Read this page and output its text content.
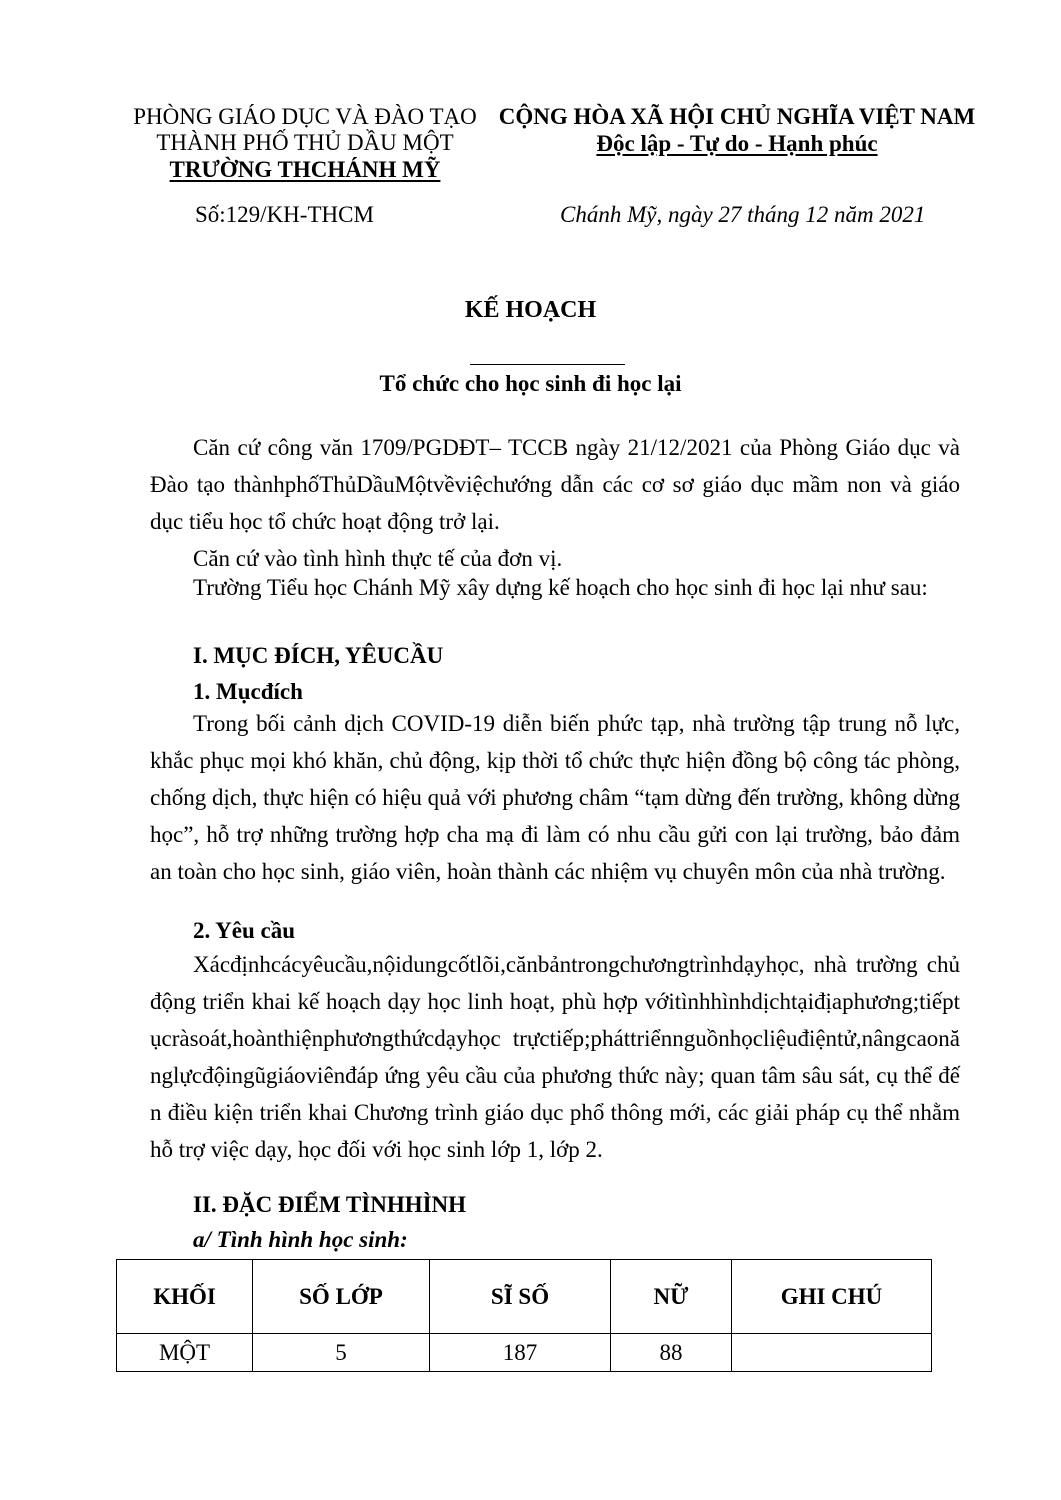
PHÒNG GIÁO DỤC VÀ ĐÀO TẠO
THÀNH PHỐ THỦ DẦU MỘT
TRƯỜNG THCHÁNH MỸ
CỘNG HÒA XÃ HỘI CHỦ NGHĨA VIỆT NAM
Độc lập - Tự do - Hạnh phúc
Số:129/KH-THCM	Chánh Mỹ, ngày 27 tháng 12 năm 2021
KẾ HOẠCH
Tổ chức cho học sinh đi học lại
Căn cứ công văn 1709/PGDĐT– TCCB ngày 21/12/2021 của Phòng Giáo dục và Đào tạo thànhphốThủDầuMộtvềviệchướng dẫn các cơ sơ giáo dục mầm non và giáo dục tiểu học tổ chức hoạt động trở lại.
Căn cứ vào tình hình thực tế của đơn vị.
Trường Tiểu học Chánh Mỹ xây dựng kế hoạch cho học sinh đi học lại như sau:
I. MỤC ĐÍCH, YÊUCẦU
1. Mụcđích
Trong bối cảnh dịch COVID-19 diễn biến phức tạp, nhà trường tập trung nỗ lực, khắc phục mọi khó khăn, chủ động, kịp thời tổ chức thực hiện đồng bộ công tác phòng, chống dịch, thực hiện có hiệu quả với phương châm “tạm dừng đến trường, không dừng học”, hỗ trợ những trường hợp cha mạ đi làm có nhu cầu gửi con lại trường, bảo đảm an toàn cho học sinh, giáo viên, hoàn thành các nhiệm vụ chuyên môn của nhà trường.
2. Yêu cầu
Xácđịnhcácyêucầu,nộidungcốtlõi,cănbảntrongchươngtrìnhdạyhọc, nhà trường chủ động triển khai kế hoạch dạy học linh hoạt, phù hợp vớitìnhhìnhdịchtạiđịaphương;tiếptụcràsoát,hoànthiệnphươngthứcdạyhọc trựctiếp;pháttriểnnguồnhọcliệuđiệntử,nângcaonănglựcđộingũgiáoviênđáp ứng yêu cầu của phương thức này; quan tâm sâu sát, cụ thể đến điều kiện triển khai Chương trình giáo dục phổ thông mới, các giải pháp cụ thể nhằm hỗ trợ việc dạy, học đối với học sinh lớp 1, lớp 2.
II. ĐẶC ĐIỂM TÌNHHÌNH
a/ Tình hình học sinh:
KHỐI	SỐ LỚP	SĨ SỐ	NỮ	GHI CHÚ
MỘT	5	187	88	
